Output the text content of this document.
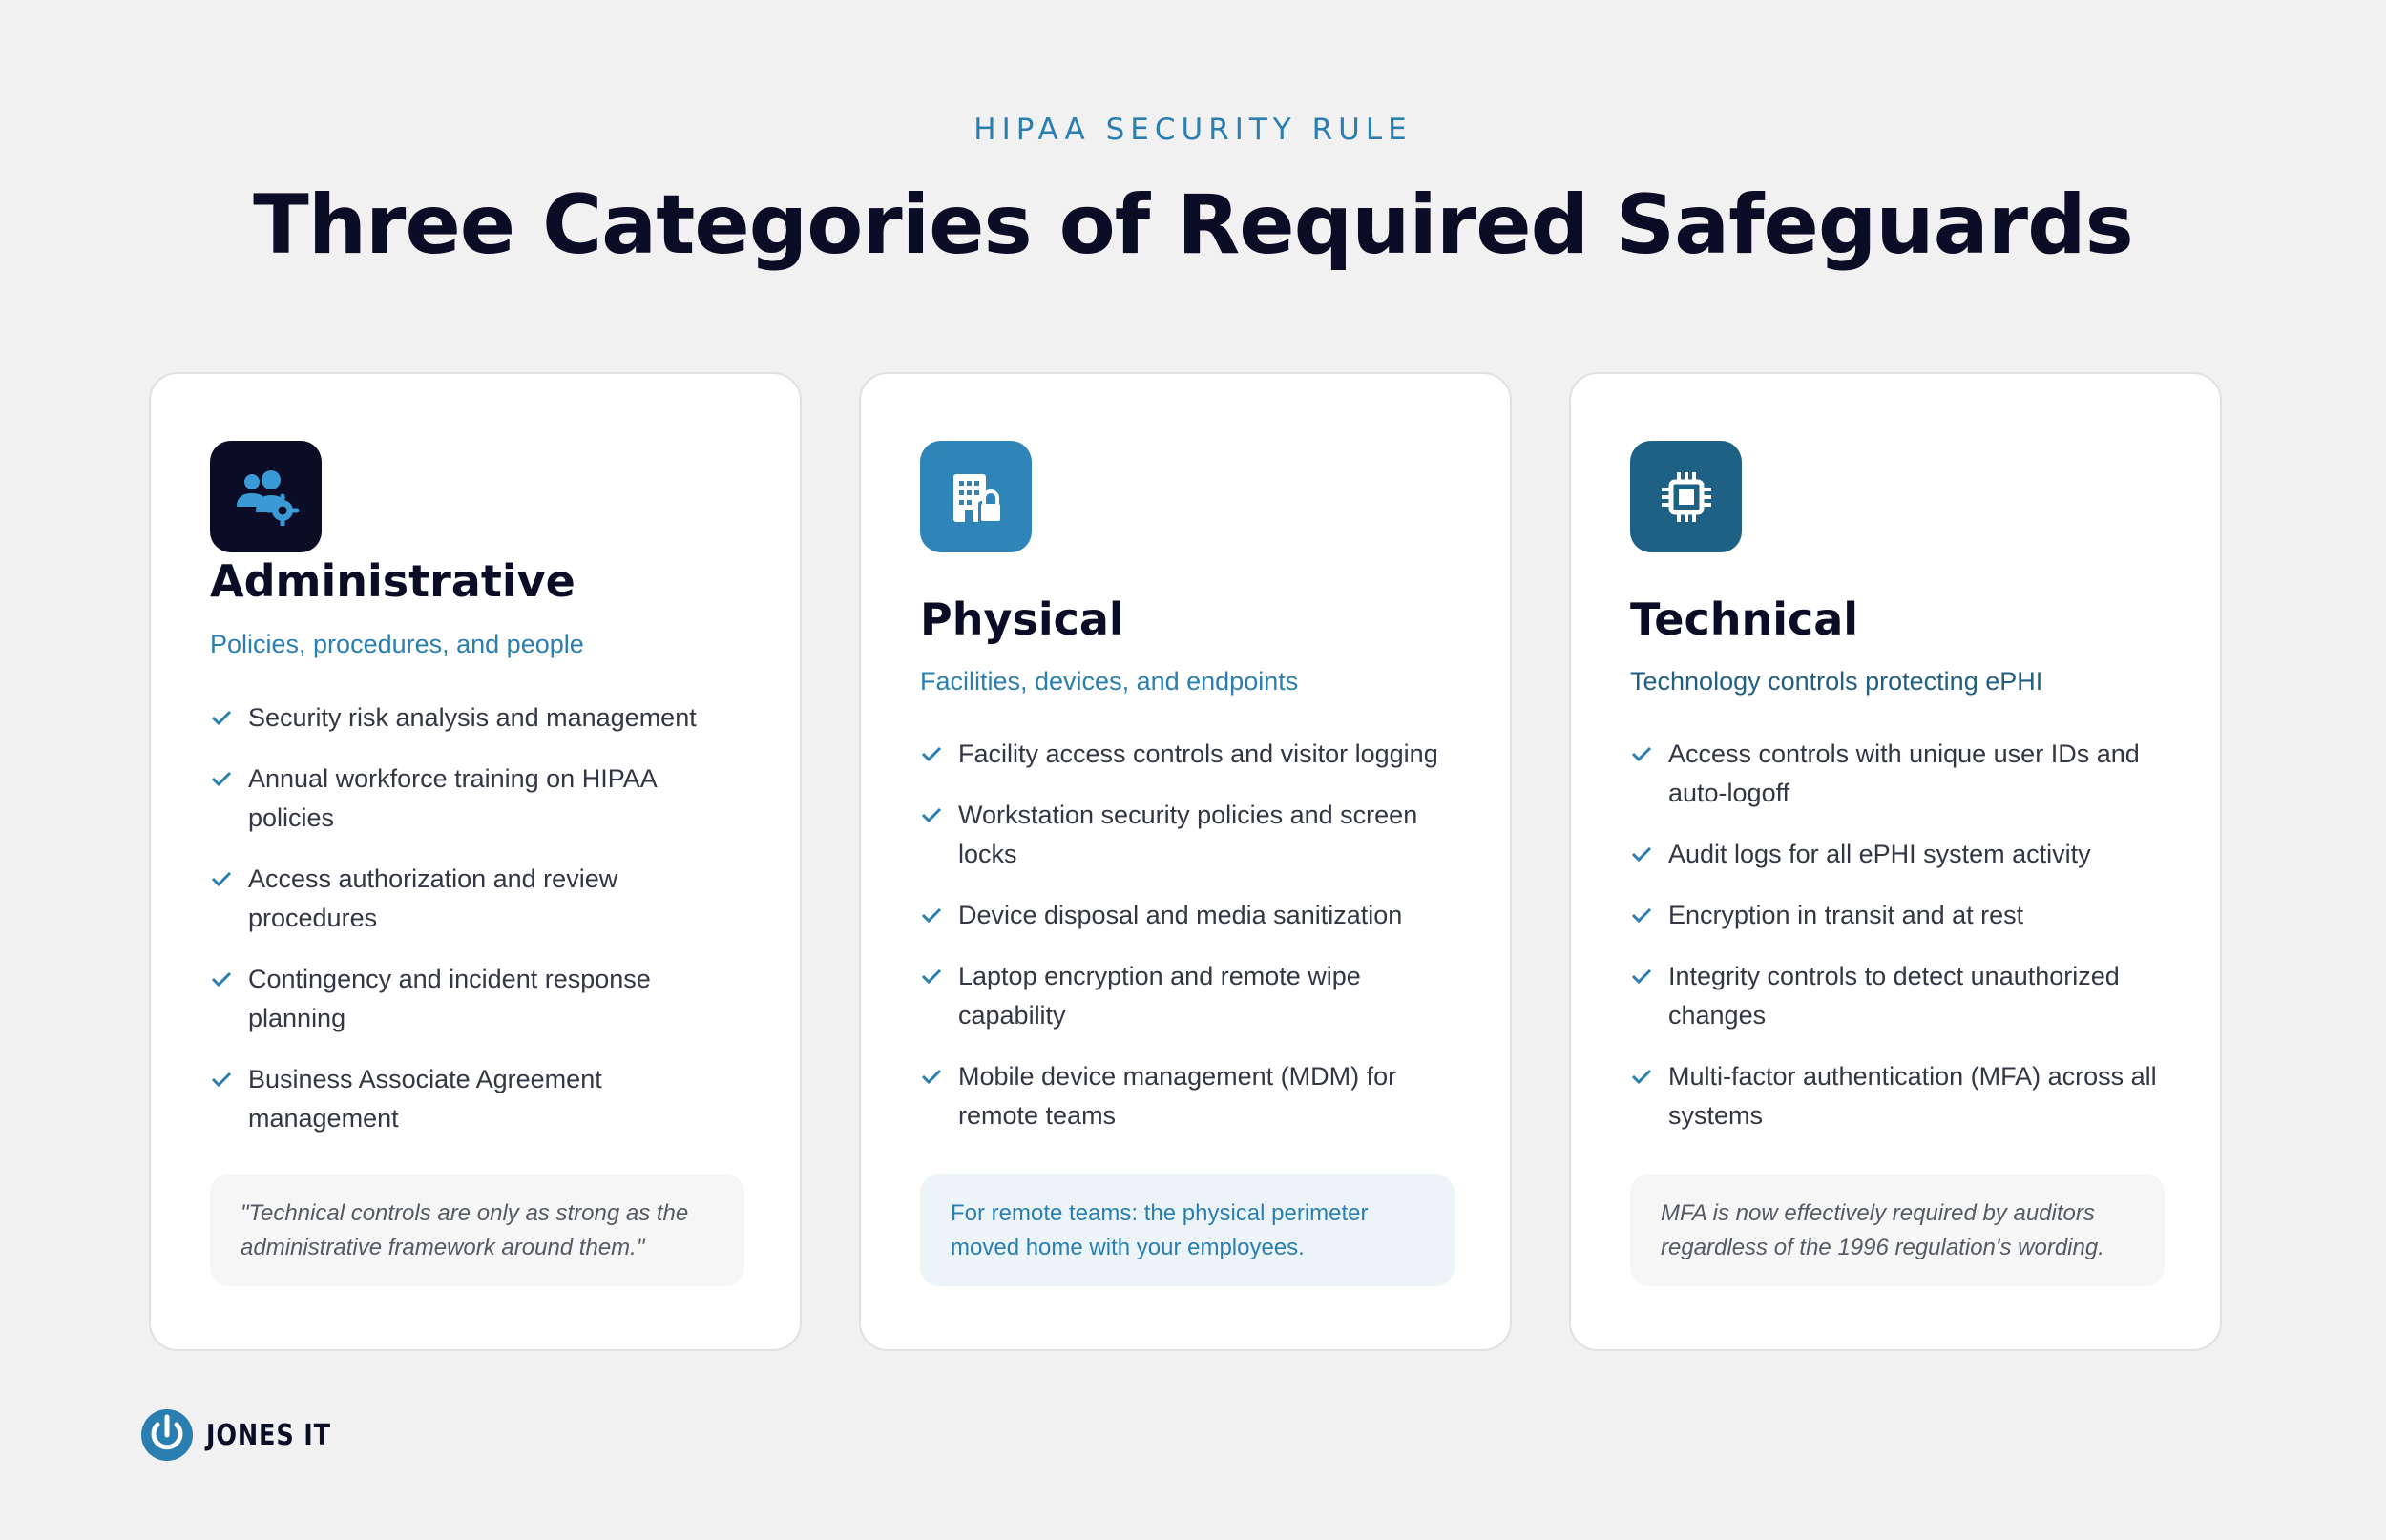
HIPAA SECURITY RULE
Three Categories of Required Safeguards
Administrative
Policies, procedures, and people
Security risk analysis and management
Annual workforce training on HIPAA policies
Access authorization and review procedures
Contingency and incident response planning
Business Associate Agreement management
"Technical controls are only as strong as the administrative framework around them."
Physical
Facilities, devices, and endpoints
Facility access controls and visitor logging
Workstation security policies and screen locks
Device disposal and media sanitization
Laptop encryption and remote wipe capability
Mobile device management (MDM) for remote teams
For remote teams: the physical perimeter moved home with your employees.
Technical
Technology controls protecting ePHI
Access controls with unique user IDs and auto-logoff
Audit logs for all ePHI system activity
Encryption in transit and at rest
Integrity controls to detect unauthorized changes
Multi-factor authentication (MFA) across all systems
MFA is now effectively required by auditors regardless of the 1996 regulation's wording.
JONES IT
